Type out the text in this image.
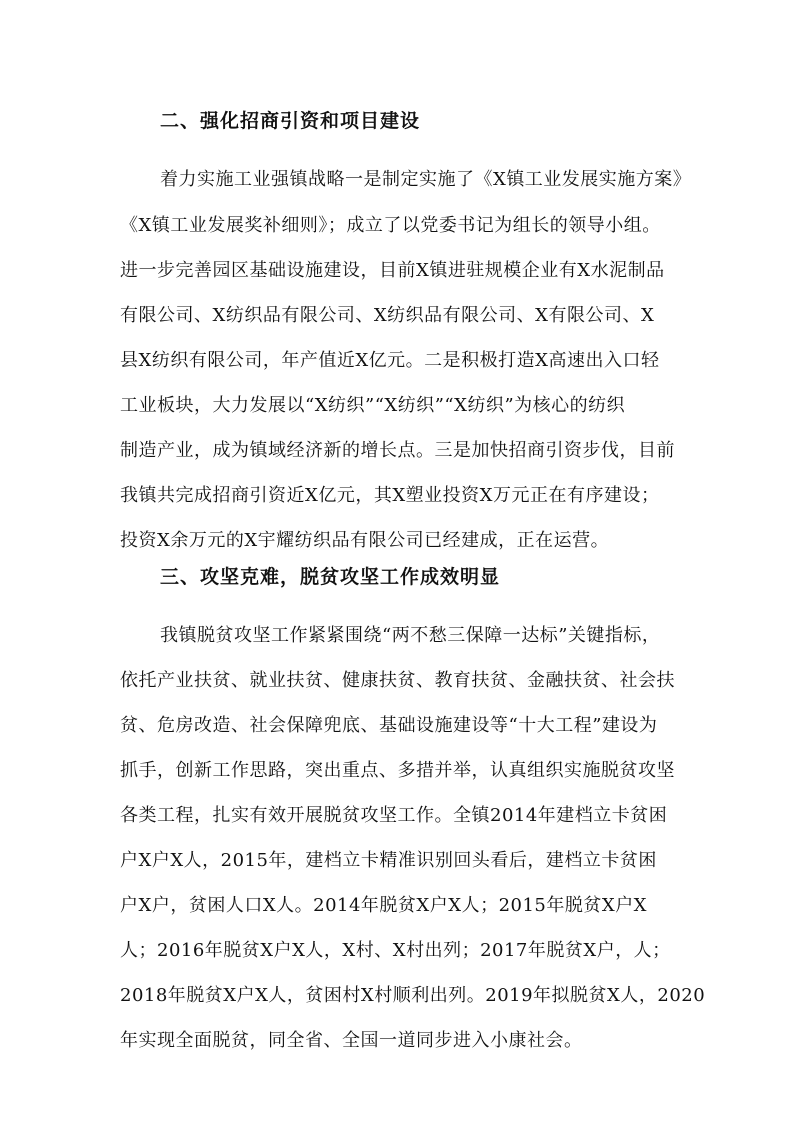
二、强化招商引资和项目建设
着力实施工业强镇战略一是制定实施了《X镇工业发展实施方案》
《X镇工业发展奖补细则》；成立了以党委书记为组长的领导小组。
进一步完善园区基础设施建设，目前X镇进驻规模企业有X水泥制品
有限公司、X纺织品有限公司、X纺织品有限公司、X有限公司、X
县X纺织有限公司，年产值近X亿元。二是积极打造X高速出入口轻
工业板块，大力发展以“X纺织”“X纺织”“X纺织”为核心的纺织
制造产业，成为镇域经济新的增长点。三是加快招商引资步伐，目前
我镇共完成招商引资近X亿元，其X塑业投资X万元正在有序建设；
投资X余万元的X宇耀纺织品有限公司已经建成，正在运营。
三、攻坚克难，脱贫攻坚工作成效明显
我镇脱贫攻坚工作紧紧围绕“两不愁三保障一达标”关键指标，
依托产业扶贫、就业扶贫、健康扶贫、教育扶贫、金融扶贫、社会扶
贫、危房改造、社会保障兜底、基础设施建设等“十大工程”建设为
抓手，创新工作思路，突出重点、多措并举，认真组织实施脱贫攻坚
各类工程，扎实有效开展脱贫攻坚工作。全镇2014年建档立卡贫困
户X户X人，2015年，建档立卡精准识别回头看后，建档立卡贫困
户X户，贫困人口X人。2014年脱贫X户X人；2015年脱贫X户X
人；2016年脱贫X户X人，X村、X村出列；2017年脱贫X户，人；
2018年脱贫X户X人，贫困村X村顺利出列。2019年拟脱贫X人，2020
年实现全面脱贫，同全省、全国一道同步进入小康社会。
